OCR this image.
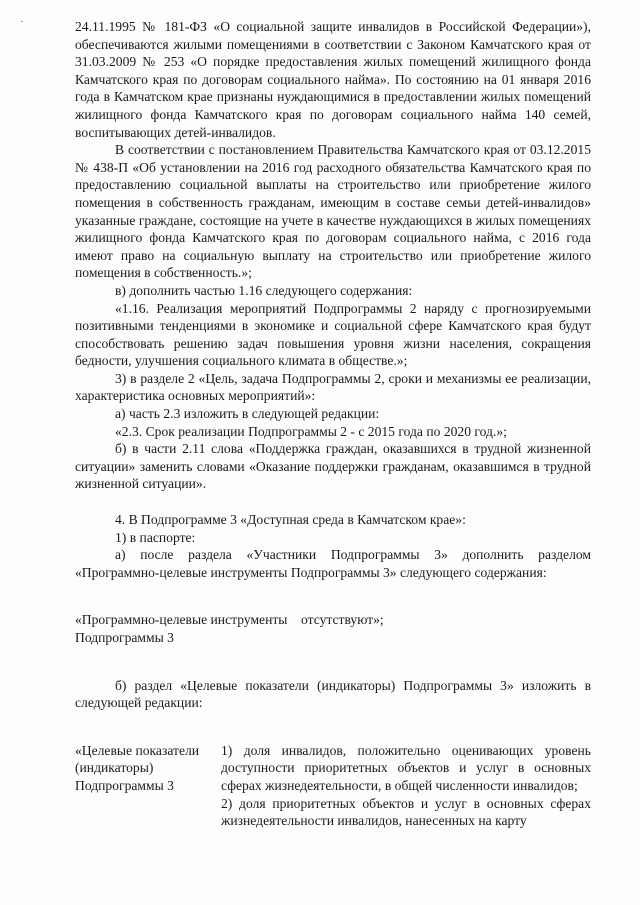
·	24.11.1995 № 181-ФЗ «О социальной защите инвалидов в Российской Федерации»), обеспечиваются жилыми помещениями в соответствии с Законом Камчатского края от 31.03.2009 № 253 «О порядке предоставления жилых помещений жилищного фонда Камчатского края по договорам социального найма». По состоянию на 01 января 2016 года в Камчатском крае признаны нуждающимися в предоставлении жилых помещений жилищного фонда Камчатского края по договорам социального найма 140 семей, воспитывающих детей-инвалидов.

В соответствии с постановлением Правительства Камчатского края от 03.12.2015 № 438-П «Об установлении на 2016 год расходного обязательства Камчатского края по предоставлению социальной выплаты на строительство или приобретение жилого помещения в собственность гражданам, имеющим в составе семьи детей-инвалидов» указанные граждане, состоящие на учете в качестве нуждающихся в жилых помещениях жилищного фонда Камчатского края по договорам социального найма, с 2016 года имеют право на социальную выплату на строительство или приобретение жилого помещения в собственность.»;

в) дополнить частью 1.16 следующего содержания:

«1.16. Реализация мероприятий Подпрограммы 2 наряду с прогнозируемыми позитивными тенденциями в экономике и социальной сфере Камчатского края будут способствовать решению задач повышения уровня жизни населения, сокращения бедности, улучшения социального климата в обществе.»;

3) в разделе 2 «Цель, задача Подпрограммы 2, сроки и механизмы ее реализации, характеристика основных мероприятий»:

а) часть 2.3 изложить в следующей редакции:

«2.3. Срок реализации Подпрограммы 2 - с 2015 года по 2020 год.»;

б) в части 2.11 слова «Поддержка граждан, оказавшихся в трудной жизненной ситуации» заменить словами «Оказание поддержки гражданам, оказавшимся в трудной жизненной ситуации».

4. В Подпрограмме 3 «Доступная среда в Камчатском крае»:

1) в паспорте:

а) после раздела «Участники Подпрограммы 3» дополнить разделом «Программно-целевые инструменты Подпрограммы 3» следующего содержания:

«Программно-целевые инструменты Подпрограммы 3
отсутствуют»;

б) раздел «Целевые показатели (индикаторы) Подпрограммы 3» изложить в следующей редакции:

«Целевые показатели (индикаторы) Подпрограммы 3
1) доля инвалидов, положительно оценивающих уровень доступности приоритетных объектов и услуг в основных сферах жизнедеятельности, в общей численности инвалидов;
2) доля приоритетных объектов и услуг в основных сферах жизнедеятельности инвалидов, нанесенных на карту
